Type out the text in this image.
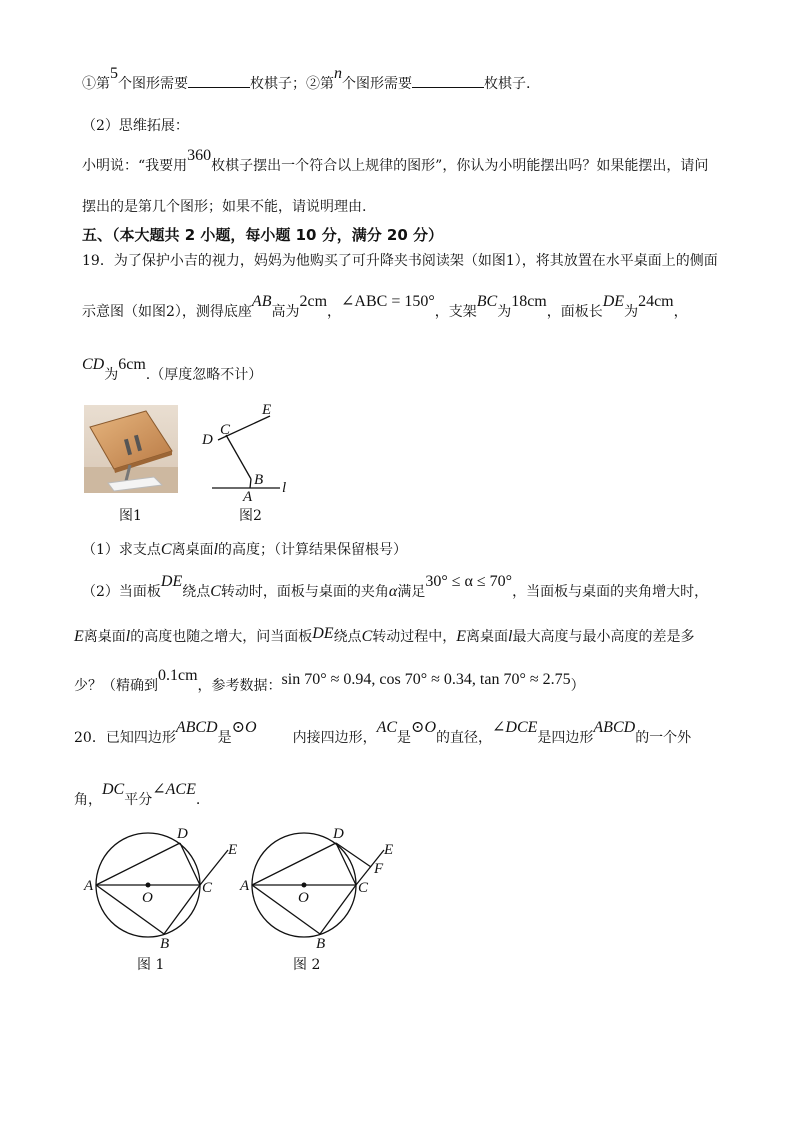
①第5个图形需要	枚棋子；②第n个图形需要	枚棋子.
（2）思维拓展：
小明说：“我要用360枚棋子摆出一个符合以上规律的图形”，你认为小明能摆出吗？如果能摆出，请问
摆出的是第几个图形；如果不能，请说明理由.
五、（本大题共 2 小题，每小题 10 分，满分 20 分）
19．为了保护小吉的视力，妈妈为他购买了可升降夹书阅读架（如图1），将其放置在水平桌面上的侧面
示意图（如图2），测得底座AB高为2cm，∠ABC = 150°，支架BC为18cm，面板长DE为24cm，
CD为6cm.（厚度忽略不计）
图1
E
D
C
B
A
l
图2
（1）求支点C离桌面l的高度；（计算结果保留根号）
（2）当面板DE绕点C转动时，面板与桌面的夹角α满足30° ≤ α ≤ 70°，当面板与桌面的夹角增大时，
E离桌面l的高度也随之增大，问当面板DE绕点C转动过程中，E离桌面l最大高度与最小高度的差是多
少？（精确到0.1cm，参考数据：sin 70° ≈ 0.94, cos 70° ≈ 0.34, tan 70° ≈ 2.75）
20．已知四边形ABCD是⊙O内接四边形，AC是⊙O的直径，∠DCE是四边形ABCD的一个外
角，DC平分∠ACE.
A
O
C
D
E
B
图 1
A
O
C
D
E
F
B
图 2
